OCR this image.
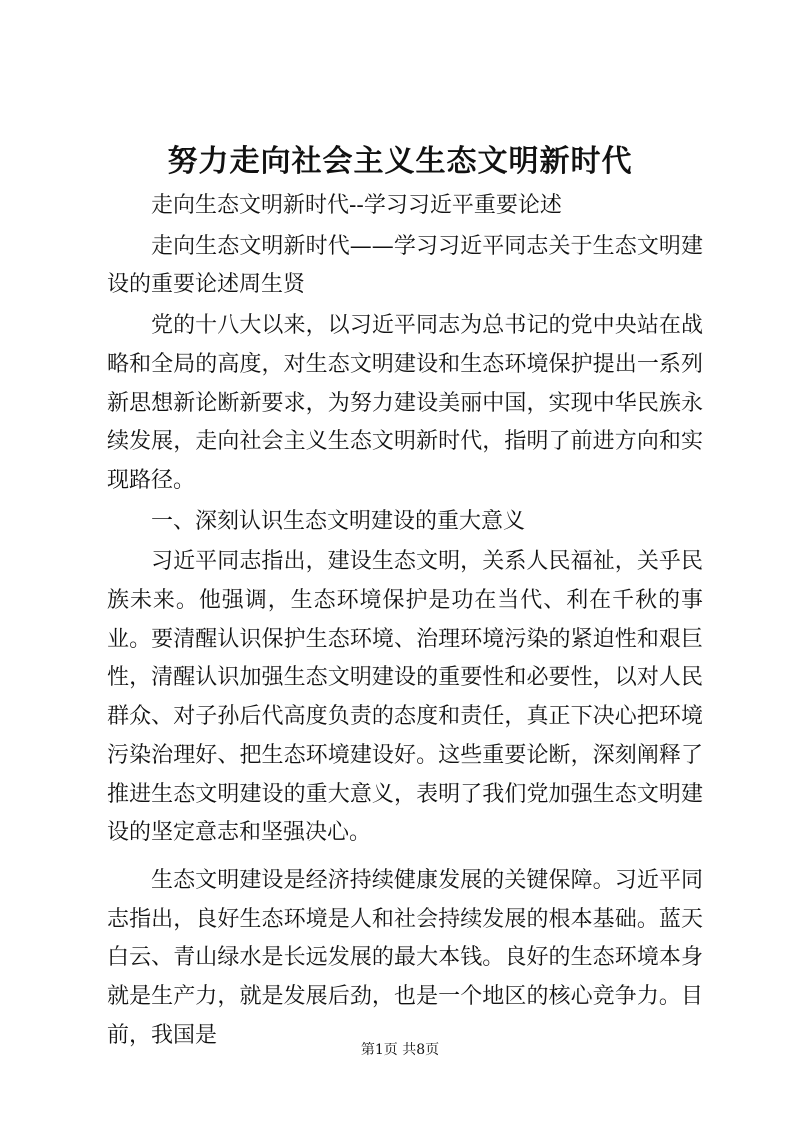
努力走向社会主义生态文明新时代

走向生态文明新时代--学习习近平重要论述

走向生态文明新时代——学习习近平同志关于生态文明建设的重要论述周生贤

党的十八大以来，以习近平同志为总书记的党中央站在战略和全局的高度，对生态文明建设和生态环境保护提出一系列新思想新论断新要求，为努力建设美丽中国，实现中华民族永续发展，走向社会主义生态文明新时代，指明了前进方向和实现路径。

一、深刻认识生态文明建设的重大意义

习近平同志指出，建设生态文明，关系人民福祉，关乎民族未来。他强调，生态环境保护是功在当代、利在千秋的事业。要清醒认识保护生态环境、治理环境污染的紧迫性和艰巨性，清醒认识加强生态文明建设的重要性和必要性，以对人民群众、对子孙后代高度负责的态度和责任，真正下决心把环境污染治理好、把生态环境建设好。这些重要论断，深刻阐释了推进生态文明建设的重大意义，表明了我们党加强生态文明建设的坚定意志和坚强决心。

生态文明建设是经济持续健康发展的关键保障。习近平同志指出，良好生态环境是人和社会持续发展的根本基础。蓝天白云、青山绿水是长远发展的最大本钱。良好的生态环境本身就是生产力，就是发展后劲，也是一个地区的核心竞争力。目前，我国是

第1页 共8页
